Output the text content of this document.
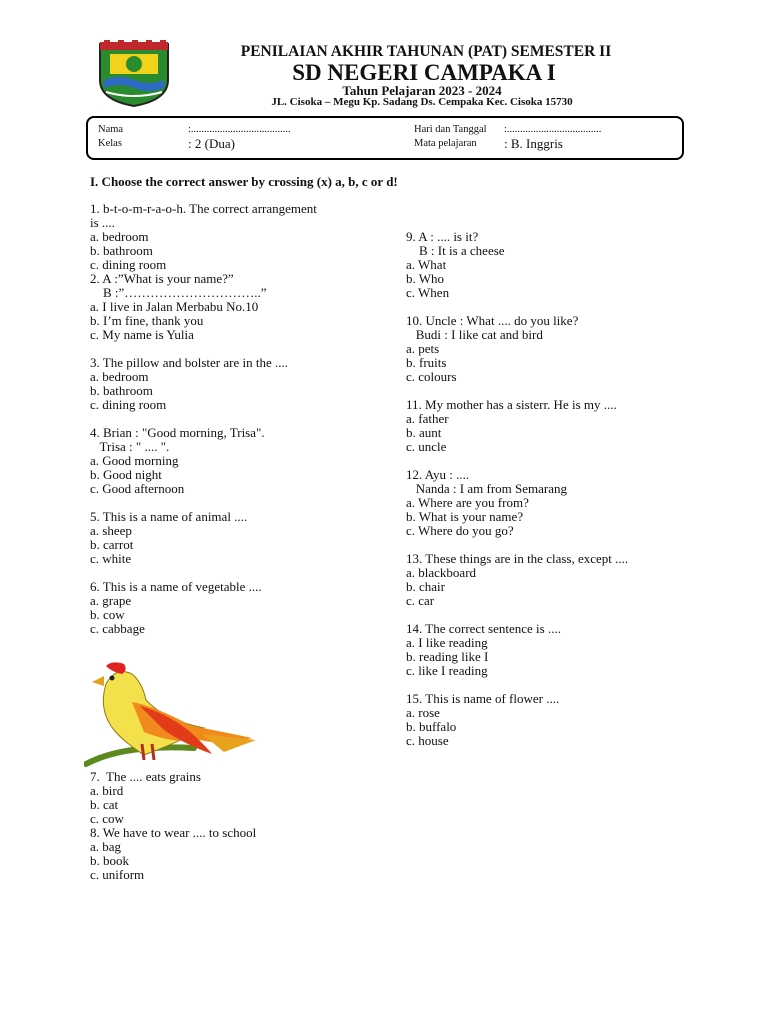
PENILAIAN AKHIR TAHUNAN (PAT) SEMESTER II
SD NEGERI CAMPAKA I
Tahun Pelajaran 2023 - 2024
JL. Cisoka – Megu Kp. Sadang Ds. Cempaka Kec. Cisoka 15730
Nama	:......................................
Kelas	: 2 (Dua)
Hari dan Tanggal :....................................
Mata pelajaran : B. Inggris
I. Choose the correct answer by crossing (x) a, b, c or d!
1. b-t-o-m-r-a-o-h. The correct arrangement
is ....
a. bedroom
b. bathroom
c. dining room
2. A :”What is your name?”
B :”…………………………..”
a. I live in Jalan Merbabu No.10
b. I’m fine, thank you
c. My name is Yulia
3. The pillow and bolster are in the ....
a. bedroom
b. bathroom
c. dining room
4. Brian : "Good morning, Trisa".
Trisa : " .... ".
a. Good morning
b. Good night
c. Good afternoon
5. This is a name of animal ....
a. sheep
b. carrot
c. white
6. This is a name of vegetable ....
a. grape
b. cow
c. cabbage
7.  The .... eats grains
a. bird
b. cat
c. cow
8. We have to wear .... to school
a. bag
b. book
c. uniform
9. A : .... is it?
B : It is a cheese
a. What
b. Who
c. When
10. Uncle : What .... do you like?
Budi : I like cat and bird
a. pets
b. fruits
c. colours
11. My mother has a sisterr. He is my ....
a. father
b. aunt
c. uncle
12. Ayu : ....
Nanda : I am from Semarang
a. Where are you from?
b. What is your name?
c. Where do you go?
13. These things are in the class, except ....
a. blackboard
b. chair
c. car
14. The correct sentence is ....
a. I like reading
b. reading like I
c. like I reading
15. This is name of flower ....
a. rose
b. buffalo
c. house
